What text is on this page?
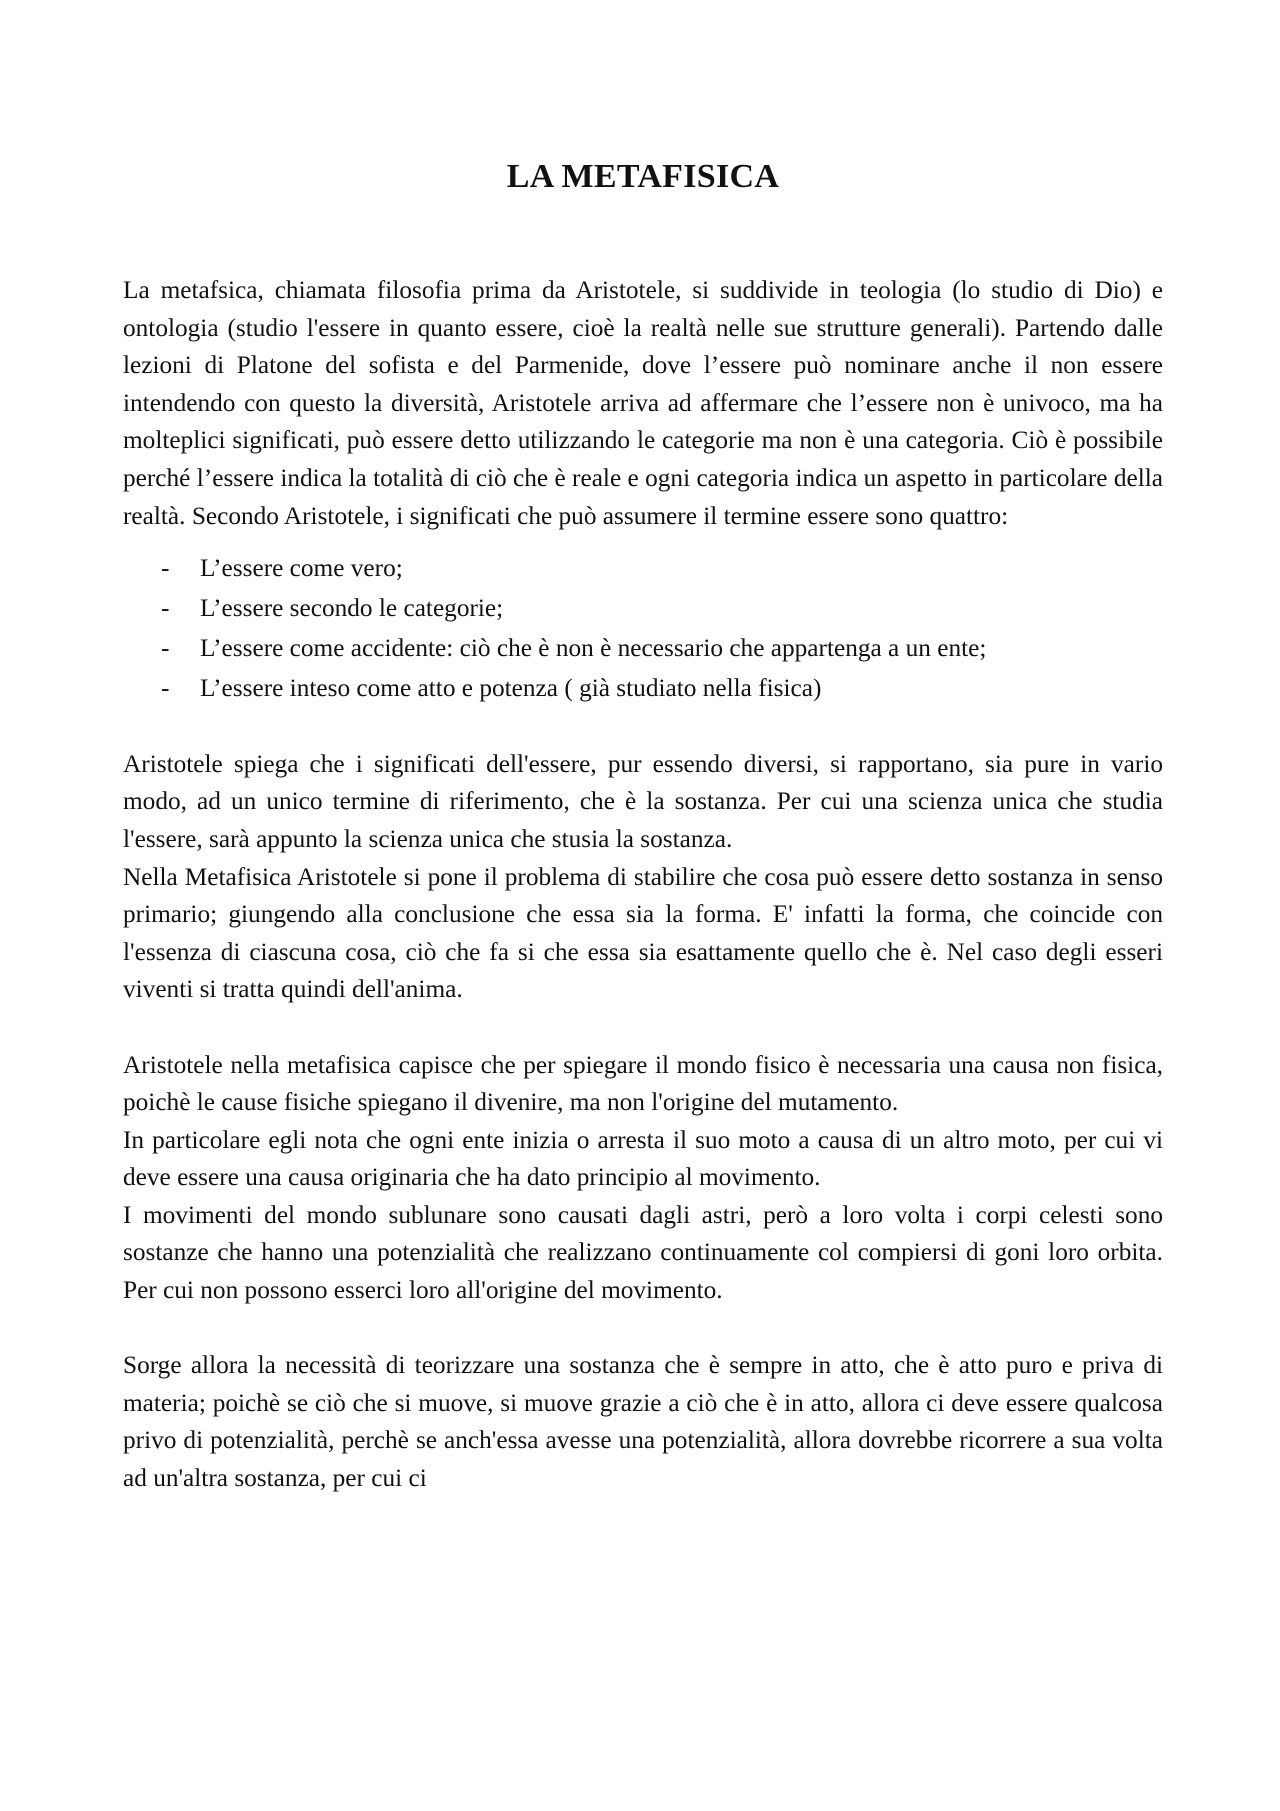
LA METAFISICA

La metafsica, chiamata filosofia prima da Aristotele, si suddivide in teologia (lo studio di Dio) e ontologia (studio l'essere in quanto essere, cioè la realtà nelle sue strutture generali). Partendo dalle lezioni di Platone del sofista e del Parmenide, dove l’essere può nominare anche il non essere intendendo con questo la diversità, Aristotele arriva ad affermare che l’essere non è univoco, ma ha molteplici significati, può essere detto utilizzando le categorie ma non è una categoria. Ciò è possibile perché l’essere indica la totalità di ciò che è reale e ogni categoria indica un aspetto in particolare della realtà. Secondo Aristotele, i significati che può assumere il termine essere sono quattro:

- L’essere come vero;
- L’essere secondo le categorie;
- L’essere come accidente: ciò che è non è necessario che appartenga a un ente;
- L’essere inteso come atto e potenza ( già studiato nella fisica)

Aristotele spiega che i significati dell'essere, pur essendo diversi, si rapportano, sia pure in vario modo, ad un unico termine di riferimento, che è la sostanza. Per cui una scienza unica che studia l'essere, sarà appunto la scienza unica che stusia la sostanza.

Nella Metafisica Aristotele si pone il problema di stabilire che cosa può essere detto sostanza in senso primario; giungendo alla conclusione che essa sia la forma. E' infatti la forma, che coincide con l'essenza di ciascuna cosa, ciò che fa si che essa sia esattamente quello che è. Nel caso degli esseri viventi si tratta quindi dell'anima.

Aristotele nella metafisica capisce che per spiegare il mondo fisico è necessaria una causa non fisica, poichè le cause fisiche spiegano il divenire, ma non l'origine del mutamento.

In particolare egli nota che ogni ente inizia o arresta il suo moto a causa di un altro moto, per cui vi deve essere una causa originaria che ha dato principio al movimento.

I movimenti del mondo sublunare sono causati dagli astri, però a loro volta i corpi celesti sono sostanze che hanno una potenzialità che realizzano continuamente col compiersi di goni loro orbita. Per cui non possono esserci loro all'origine del movimento.

Sorge allora la necessità di teorizzare una sostanza che è sempre in atto, che è atto puro e priva di materia; poichè se ciò che si muove, si muove grazie a ciò che è in atto, allora ci deve essere qualcosa privo di potenzialità, perchè se anch'essa avesse una potenzialità, allora dovrebbe ricorrere a sua volta ad un'altra sostanza, per cui ci
